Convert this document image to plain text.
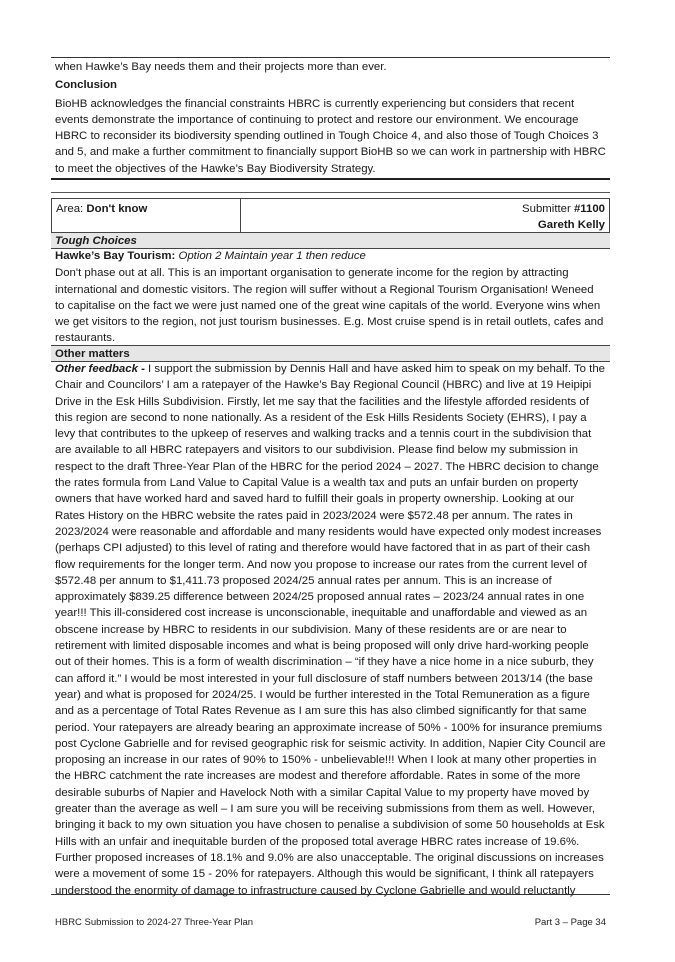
when Hawke’s Bay needs them and their projects more than ever.

Conclusion

BioHB acknowledges the financial constraints HBRC is currently experiencing but considers that recent events demonstrate the importance of continuing to protect and restore our environment. We encourage HBRC to reconsider its biodiversity spending outlined in Tough Choice 4, and also those of Tough Choices 3 and 5, and make a further commitment to financially support BioHB so we can work in partnership with HBRC to meet the objectives of the Hawke’s Bay Biodiversity Strategy.

Area: Don't know	Submitter #1100
Gareth Kelly
Tough Choices
Hawke’s Bay Tourism: Option 2 Maintain year 1 then reduce

Don't phase out at all. This is an important organisation to generate income for the region by attracting international and domestic visitors. The region will suffer without a Regional Tourism Organisation! Weneed to capitalise on the fact we were just named one of the great wine capitals of the world. Everyone wins when we get visitors to the region, not just tourism businesses. E.g. Most cruise spend is in retail outlets, cafes and restaurants.

Other matters

Other feedback - I support the submission by Dennis Hall and have asked him to speak on my behalf. To the Chair and Councilors’ I am a ratepayer of the Hawke’s Bay Regional Council (HBRC) and live at 19 Heipipi Drive in the Esk Hills Subdivision. Firstly, let me say that the facilities and the lifestyle afforded residents of this region are second to none nationally. As a resident of the Esk Hills Residents Society (EHRS), I pay a levy that contributes to the upkeep of reserves and walking tracks and a tennis court in the subdivision that are available to all HBRC ratepayers and visitors to our subdivision. Please find below my submission in respect to the draft Three-Year Plan of the HBRC for the period 2024 – 2027. The HBRC decision to change the rates formula from Land Value to Capital Value is a wealth tax and puts an unfair burden on property owners that have worked hard and saved hard to fulfill their goals in property ownership. Looking at our Rates History on the HBRC website the rates paid in 2023/2024 were $572.48 per annum. The rates in 2023/2024 were reasonable and affordable and many residents would have expected only modest increases (perhaps CPI adjusted) to this level of rating and therefore would have factored that in as part of their cash flow requirements for the longer term. And now you propose to increase our rates from the current level of $572.48 per annum to $1,411.73 proposed 2024/25 annual rates per annum. This is an increase of approximately $839.25 difference between 2024/25 proposed annual rates – 2023/24 annual rates in one year!!! This ill-considered cost increase is unconscionable, inequitable and unaffordable and viewed as an obscene increase by HBRC to residents in our subdivision. Many of these residents are or are near to retirement with limited disposable incomes and what is being proposed will only drive hard-working people out of their homes. This is a form of wealth discrimination – “if they have a nice home in a nice suburb, they can afford it.” I would be most interested in your full disclosure of staff numbers between 2013/14 (the base year) and what is proposed for 2024/25. I would be further interested in the Total Remuneration as a figure and as a percentage of Total Rates Revenue as I am sure this has also climbed significantly for that same period. Your ratepayers are already bearing an approximate increase of 50% - 100% for insurance premiums post Cyclone Gabrielle and for revised geographic risk for seismic activity. In addition, Napier City Council are proposing an increase in our rates of 90% to 150% - unbelievable!!! When I look at many other properties in the HBRC catchment the rate increases are modest and therefore affordable. Rates in some of the more desirable suburbs of Napier and Havelock Noth with a similar Capital Value to my property have moved by greater than the average as well – I am sure you will be receiving submissions from them as well. However, bringing it back to my own situation you have chosen to penalise a subdivision of some 50 households at Esk Hills with an unfair and inequitable burden of the proposed total average HBRC rates increase of 19.6%. Further proposed increases of 18.1% and 9.0% are also unacceptable. The original discussions on increases were a movement of some 15 - 20% for ratepayers. Although this would be significant, I think all ratepayers understood the enormity of damage to infrastructure caused by Cyclone Gabrielle and would reluctantly

HBRC Submission to 2024-27 Three-Year Plan	Part 3 – Page 34
